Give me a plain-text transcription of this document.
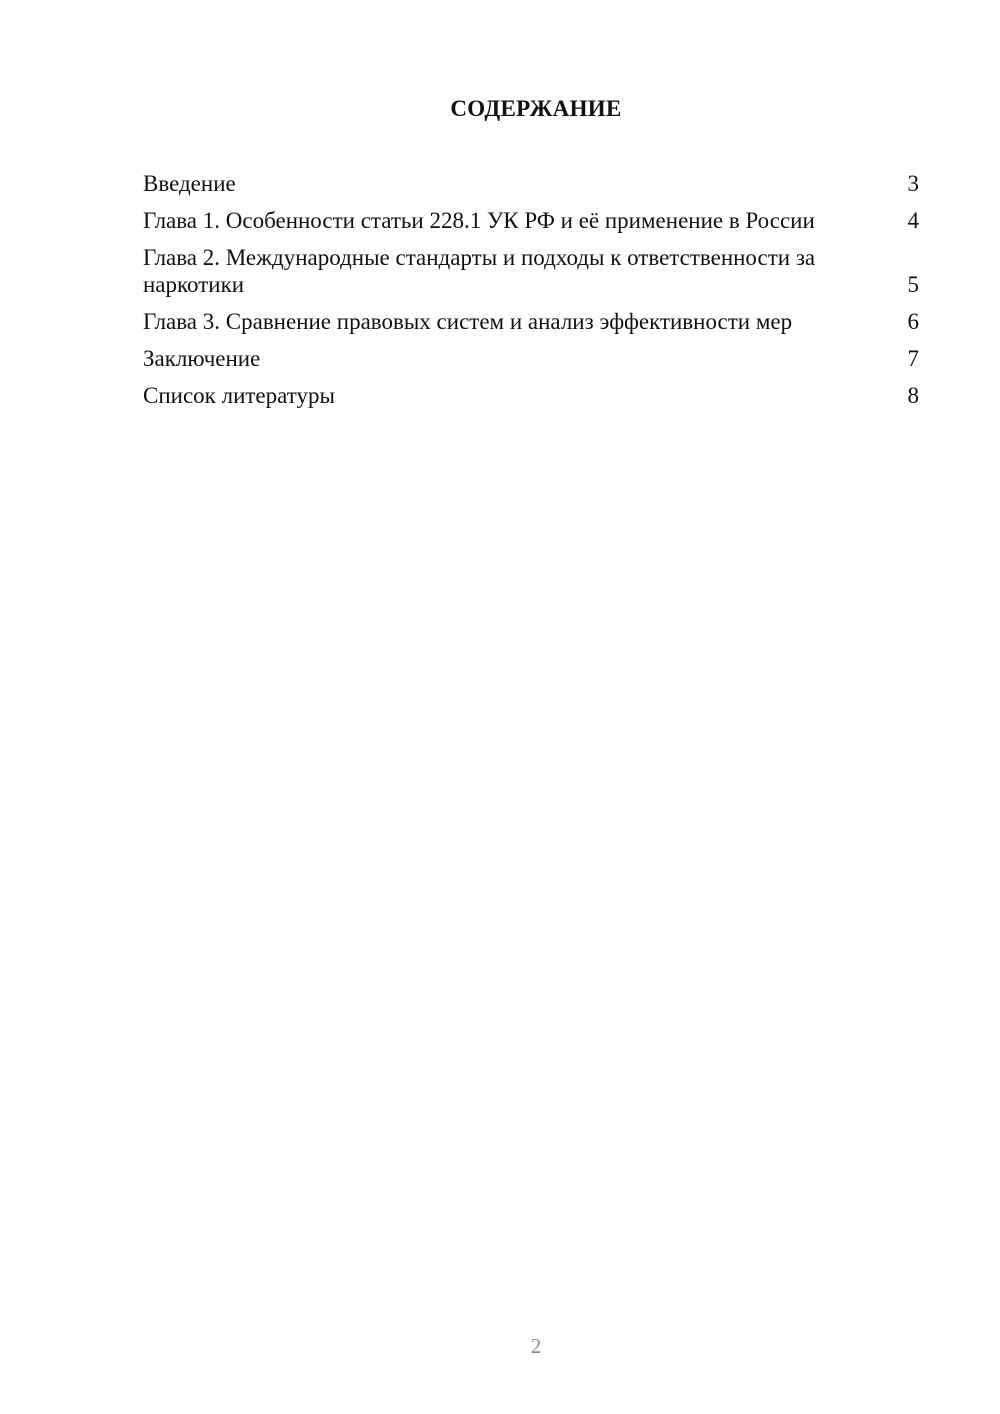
СОДЕРЖАНИЕ
Введение	3
Глава 1. Особенности статьи 228.1 УК РФ и её применение в России	4
Глава 2. Международные стандарты и подходы к ответственности за наркотики	5
Глава 3. Сравнение правовых систем и анализ эффективности мер	6
Заключение	7
Список литературы	8
2
